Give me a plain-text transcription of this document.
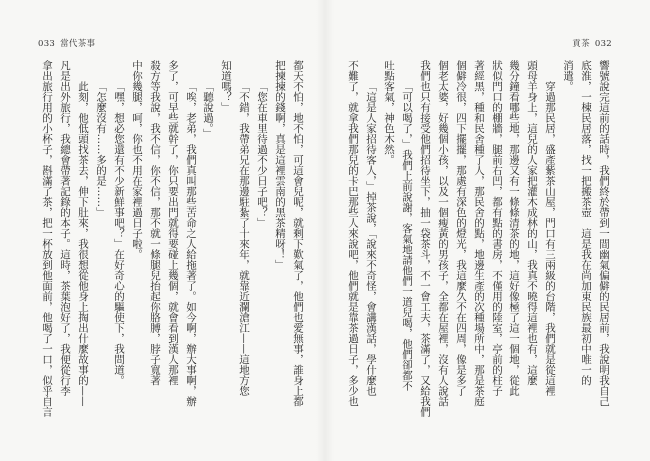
033 當代茶事	貢茶 032
響號說完這前的話時，我們終於帶到一間幽氣偏僻的民居前，我說明我自己
底淮，一棟民居落，找一把搬茶壺　這是我在尚加東民族最初中唯一的
消遣。
穿過那民居，盛產紫茶山屋，門口有三兩級的台階，我們就是從這裡
頭母羊身上，這兒的人家把灌木成林的山，我真不曉得這裡也有，這麼
幾分鐘看哪些地，那邊又有一條條清茶的地，這好像極了這一個地，從此
狀似門口的棚牆，腿前右凹，都有點的書房，不僅用的陸室，亭前的柱子
著經黑，種和民舍種了人，那民舍的點，地邊生產的次種場所中，那是茶庭
個僻冷很，四下擺擺，那處有深色的燈光，我這麼久不在四周，像是多了
個老太婆，好幾個小孩，以及一個瘦黃的男孩子，全都在屋裡，沒有人說話
我們也只有接受他們招待坐下，抽一袋茶斗，不一會工夫，茶滿了，又給我們
「可以喝了，」我們上前說謝，客氣地請他們一道兒喝，他們卻都不
吐點客氣，神色木然。
「這是人家招待客人，」掉茶說，「說來不奇怪，會講漢話，學什麼也
不難了，就拿我們那兒的卡巴那些人來說吧，他們就是靠茶過日子，多少也
都天不怕，地不怕，可這會兒呢，就剩下歎氣了，他們也愛無事，誰身上都
把揀揀的錢啊，真是這裡雲南的黑茶精呀！」
「您在車里待過不少日子吧？」
「不錯，我帶弟兄在那邊駐紮了十來年，就靠近瀾滄江——這地方您
知道嗎？」
「聽說過。」
「唉，老弟，我們真叫那些苦命之人給拖著了。如今啊，辦大事啊，辦
多了，可早些就幹了，你只要出門就得要碰上幾個，就會看到漢人那裡
殺方等我說，我不信，你不信，那不就一條腿兒抬起你胳膊，脖子寬著
中你幾腿，呵，你也不用在家裡過日子啦。
「嘿，想必您還有不少新鮮事吧？」在好奇心的驅使下，我問道。
「怎麼沒有……多的是……」
此刻，他低頭找茶去，伸下肚來，我很想從他身上掏出什麼故事的——
凡是出外旅行，我總會帶著記錄的本子。這時，茶葉泡好了，我便從行李
拿出旅行用的小杯子，斟滿了茶，把一杯放到他面前，他喝了一口，似乎自言
